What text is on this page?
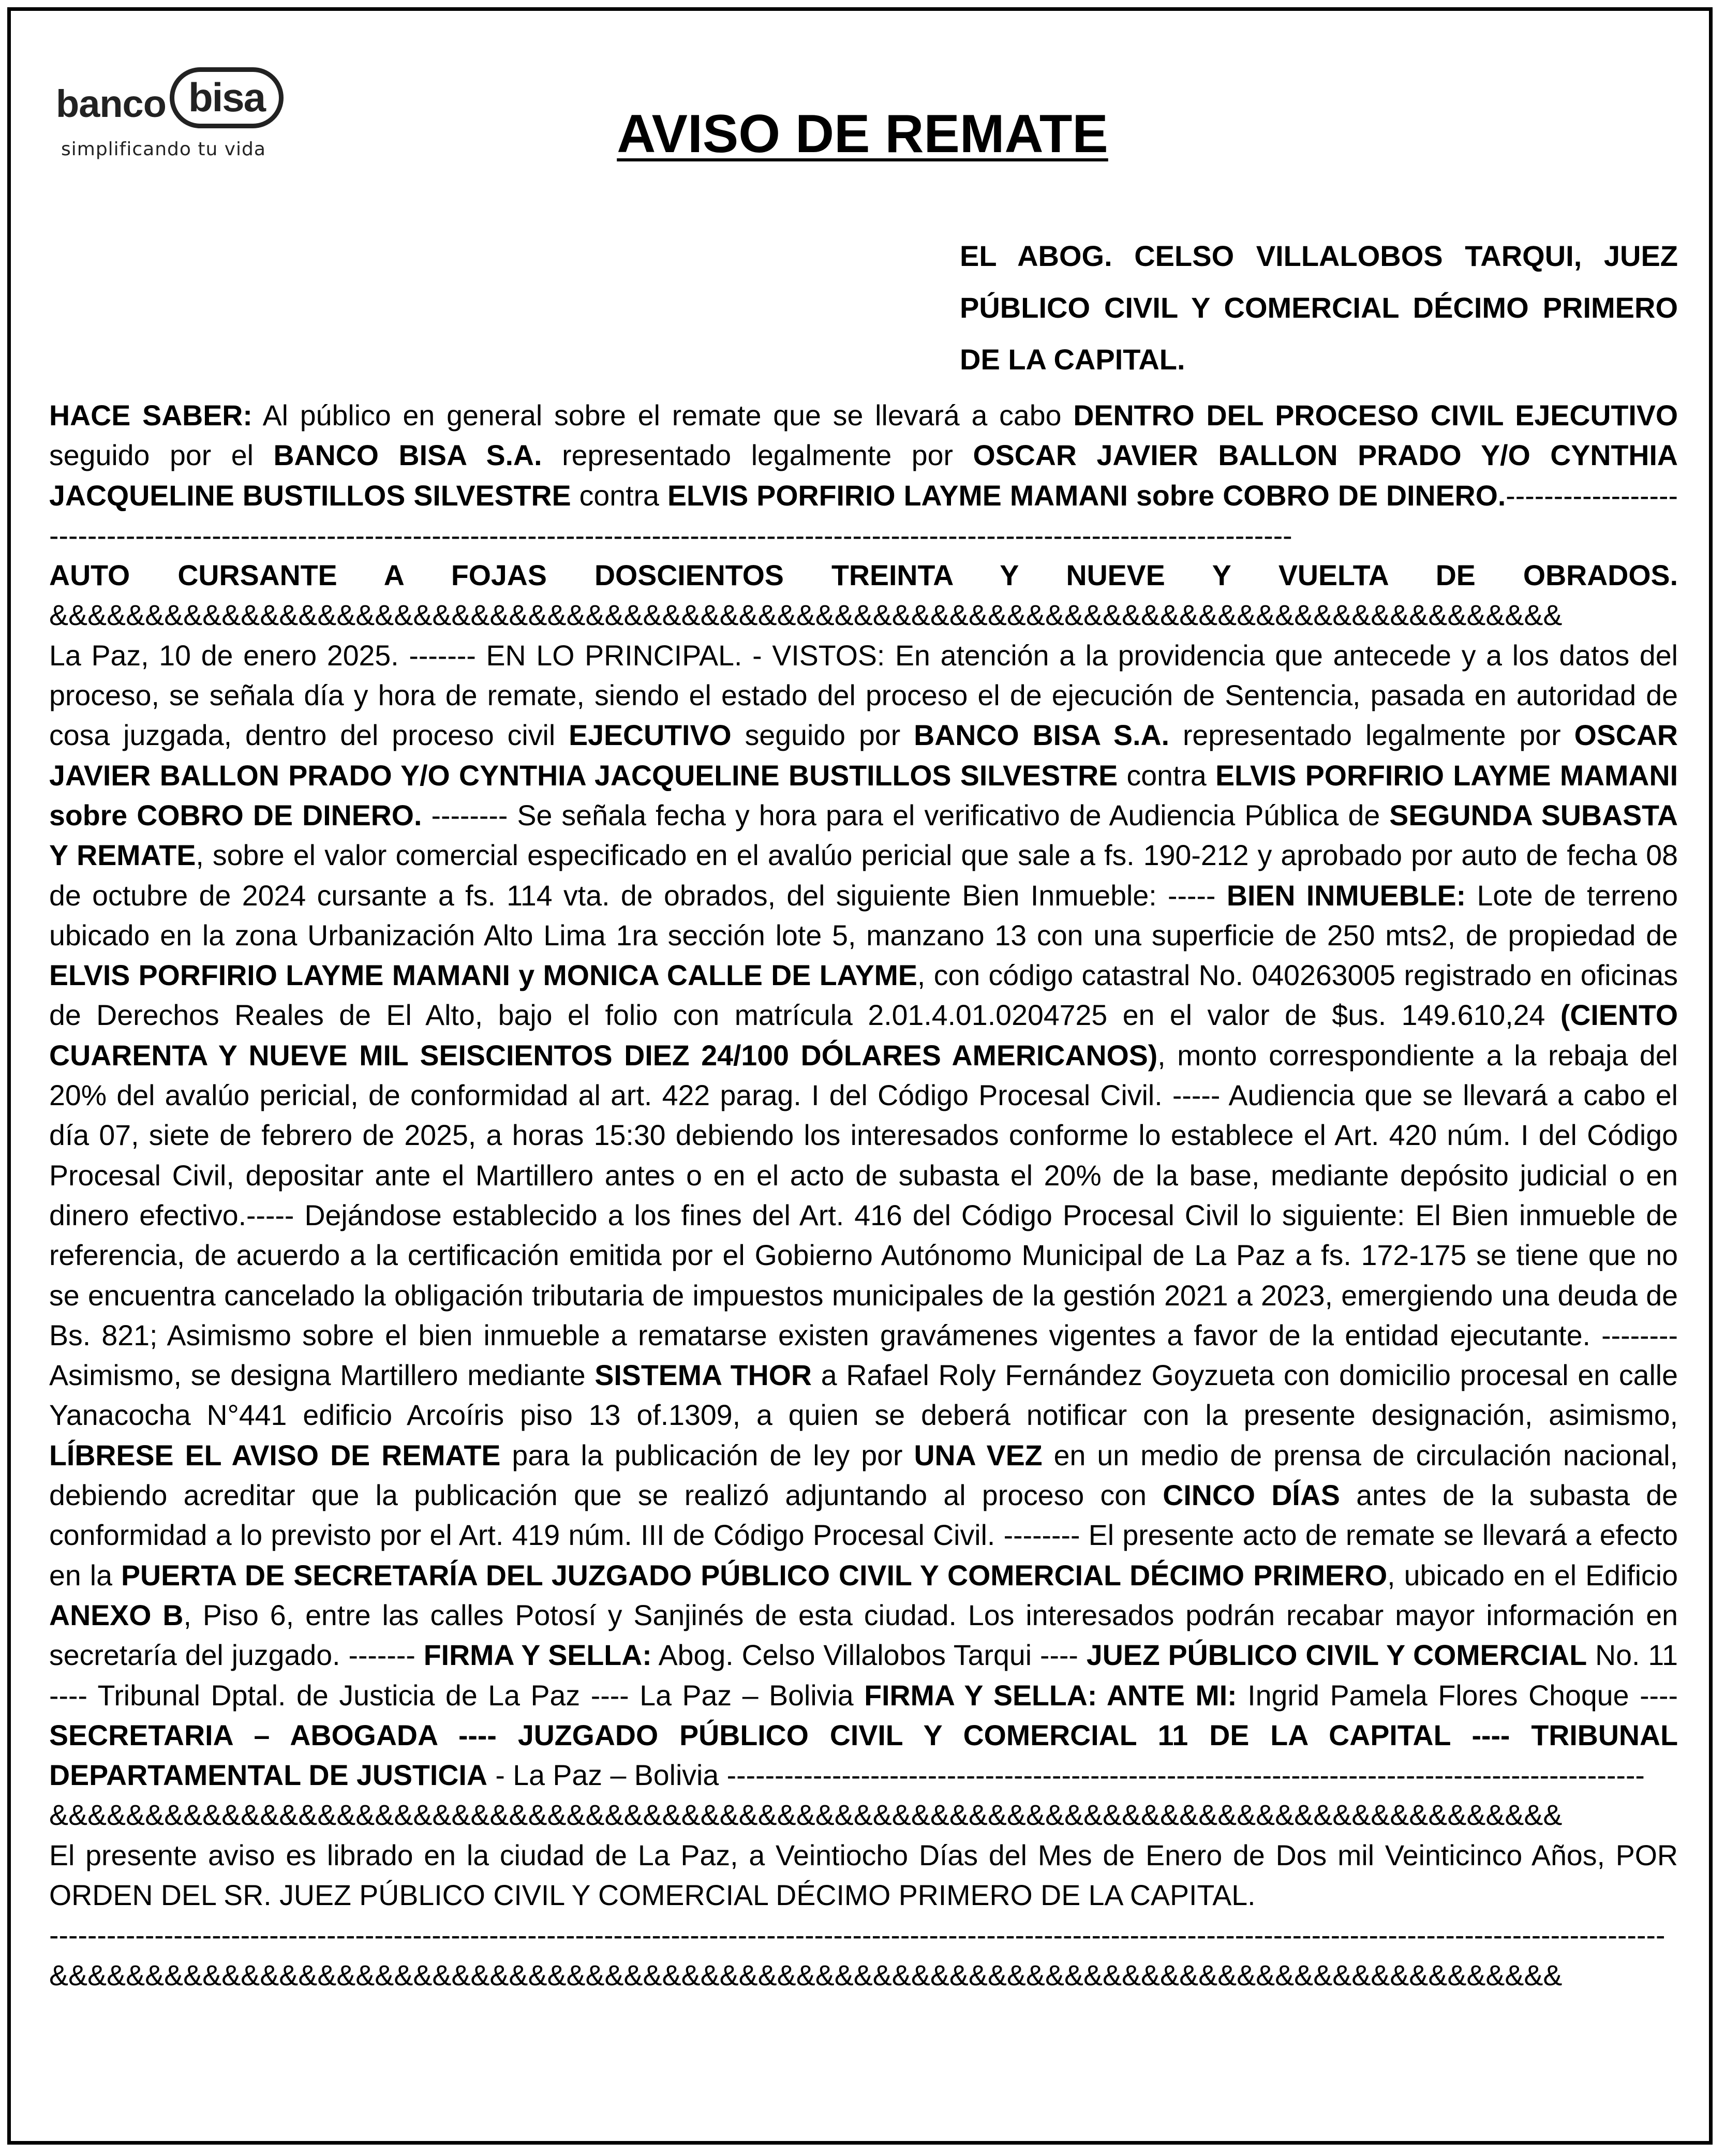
banco bisa
simplificando tu vida	AVISO DE REMATE
EL ABOG. CELSO VILLALOBOS TARQUI, JUEZ PÚBLICO CIVIL Y COMERCIAL DÉCIMO PRIMERO DE LA CAPITAL.

HACE SABER: Al público en general sobre el remate que se llevará a cabo DENTRO DEL PROCESO CIVIL EJECUTIVO seguido por el BANCO BISA S.A. representado legalmente por OSCAR JAVIER BALLON PRADO Y/O CYNTHIA JACQUELINE BUSTILLOS SILVESTRE contra ELVIS PORFIRIO LAYME MAMANI sobre COBRO DE DINERO.----------------------------------------------------------------------------------------------------------------------------------------------------

AUTO CURSANTE A FOJAS DOSCIENTOS TREINTA Y NUEVE Y VUELTA DE OBRADOS.

&&&&&&&&&&&&&&&&&&&&&&&&&&&&&&&&&&&&&&&&&&&&&&&&&&&&&&&&&&&&&&&&&&&&&&&&&&&&&&&

La Paz, 10 de enero 2025. ------- EN LO PRINCIPAL. - VISTOS: En atención a la providencia que antecede y a los datos del proceso, se señala día y hora de remate, siendo el estado del proceso el de ejecución de Sentencia, pasada en autoridad de cosa juzgada, dentro del proceso civil EJECUTIVO seguido por BANCO BISA S.A. representado legalmente por OSCAR JAVIER BALLON PRADO Y/O CYNTHIA JACQUELINE BUSTILLOS SILVESTRE contra ELVIS PORFIRIO LAYME MAMANI sobre COBRO DE DINERO. -------- Se señala fecha y hora para el verificativo de Audiencia Pública de SEGUNDA SUBASTA Y REMATE, sobre el valor comercial especificado en el avalúo pericial que sale a fs. 190-212 y aprobado por auto de fecha 08 de octubre de 2024 cursante a fs. 114 vta. de obrados, del siguiente Bien Inmueble: ----- BIEN INMUEBLE: Lote de terreno ubicado en la zona Urbanización Alto Lima 1ra sección lote 5, manzano 13 con una superficie de 250 mts2, de propiedad de ELVIS PORFIRIO LAYME MAMANI y MONICA CALLE DE LAYME, con código catastral No. 040263005 registrado en oficinas de Derechos Reales de El Alto, bajo el folio con matrícula 2.01.4.01.0204725 en el valor de $us. 149.610,24 (CIENTO CUARENTA Y NUEVE MIL SEISCIENTOS DIEZ 24/100 DÓLARES AMERICANOS), monto correspondiente a la rebaja del 20% del avalúo pericial, de conformidad al art. 422 parag. I del Código Procesal Civil. ----- Audiencia que se llevará a cabo el día 07, siete de febrero de 2025, a horas 15:30 debiendo los interesados conforme lo establece el Art. 420 núm. I del Código Procesal Civil, depositar ante el Martillero antes o en el acto de subasta el 20% de la base, mediante depósito judicial o en dinero efectivo.----- Dejándose establecido a los fines del Art. 416 del Código Procesal Civil lo siguiente: El Bien inmueble de referencia, de acuerdo a la certificación emitida por el Gobierno Autónomo Municipal de La Paz a fs. 172-175 se tiene que no se encuentra cancelado la obligación tributaria de impuestos municipales de la gestión 2021 a 2023, emergiendo una deuda de Bs. 821; Asimismo sobre el bien inmueble a rematarse existen gravámenes vigentes a favor de la entidad ejecutante. --------Asimismo, se designa Martillero mediante SISTEMA THOR a Rafael Roly Fernández Goyzueta con domicilio procesal en calle Yanacocha N°441 edificio Arcoíris piso 13 of.1309, a quien se deberá notificar con la presente designación, asimismo, LÍBRESE EL AVISO DE REMATE para la publicación de ley por UNA VEZ en un medio de prensa de circulación nacional, debiendo acreditar que la publicación que se realizó adjuntando al proceso con CINCO DÍAS antes de la subasta de conformidad a lo previsto por el Art. 419 núm. III de Código Procesal Civil. -------- El presente acto de remate se llevará a efecto en la PUERTA DE SECRETARÍA DEL JUZGADO PÚBLICO CIVIL Y COMERCIAL DÉCIMO PRIMERO, ubicado en el Edificio ANEXO B, Piso 6, entre las calles Potosí y Sanjinés de esta ciudad. Los interesados podrán recabar mayor información en secretaría del juzgado. ------- FIRMA Y SELLA: Abog. Celso Villalobos Tarqui ---- JUEZ PÚBLICO CIVIL Y COMERCIAL No. 11 ---- Tribunal Dptal. de Justicia de La Paz ---- La Paz – Bolivia FIRMA Y SELLA: ANTE MI: Ingrid Pamela Flores Choque ---- SECRETARIA – ABOGADA ---- JUZGADO PÚBLICO CIVIL Y COMERCIAL 11 DE LA CAPITAL ---- TRIBUNAL DEPARTAMENTAL DE JUSTICIA - La Paz – Bolivia ------------------------------------------------------------------------------------------------

&&&&&&&&&&&&&&&&&&&&&&&&&&&&&&&&&&&&&&&&&&&&&&&&&&&&&&&&&&&&&&&&&&&&&&&&&&&&&&&

El presente aviso es librado en la ciudad de La Paz, a Veintiocho Días del Mes de Enero de Dos mil Veinticinco Años, POR ORDEN DEL SR. JUEZ PÚBLICO CIVIL Y COMERCIAL DÉCIMO PRIMERO DE LA CAPITAL.

-------------------------------------------------------------------------------------------------------------------------------------------------------------------------
&&&&&&&&&&&&&&&&&&&&&&&&&&&&&&&&&&&&&&&&&&&&&&&&&&&&&&&&&&&&&&&&&&&&&&&&&&&&&&&
